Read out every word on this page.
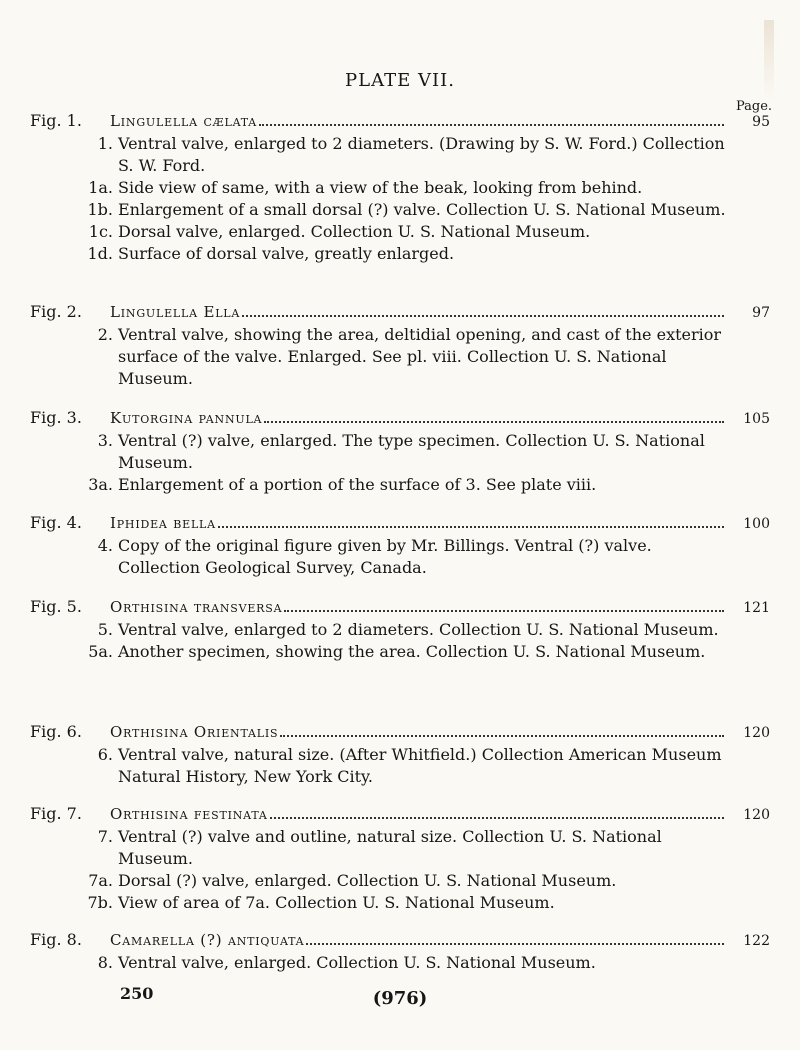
PLATE VII.
Page.
Fig. 1.	Lingulella cælata	95
1. Ventral valve, enlarged to 2 diameters. (Drawing by S. W. Ford.) Collection S. W. Ford.
1a. Side view of same, with a view of the beak, looking from behind.
1b. Enlargement of a small dorsal (?) valve. Collection U. S. National Museum.
1c. Dorsal valve, enlarged. Collection U. S. National Museum.
1d. Surface of dorsal valve, greatly enlarged.
Fig. 2.	Lingulella Ella	97
2. Ventral valve, showing the area, deltidial opening, and cast of the exterior surface of the valve. Enlarged. See pl. viii. Collection U. S. National Museum.
Fig. 3.	Kutorgina pannula	105
3. Ventral (?) valve, enlarged. The type specimen. Collection U. S. National Museum.
3a. Enlargement of a portion of the surface of 3. See plate viii.
Fig. 4.	Iphidea bella	100
4. Copy of the original figure given by Mr. Billings. Ventral (?) valve. Collection Geological Survey, Canada.
Fig. 5.	Orthisina transversa	121
5. Ventral valve, enlarged to 2 diameters. Collection U. S. National Museum.
5a. Another specimen, showing the area. Collection U. S. National Museum.
Fig. 6.	Orthisina Orientalis	120
6. Ventral valve, natural size. (After Whitfield.) Collection American Museum Natural History, New York City.
Fig. 7.	Orthisina festinata	120
7. Ventral (?) valve and outline, natural size. Collection U. S. National Museum.
7a. Dorsal (?) valve, enlarged. Collection U. S. National Museum.
7b. View of area of 7a. Collection U. S. National Museum.
Fig. 8.	Camarella (?) antiquata	122
8. Ventral valve, enlarged. Collection U. S. National Museum.
250	(976)
